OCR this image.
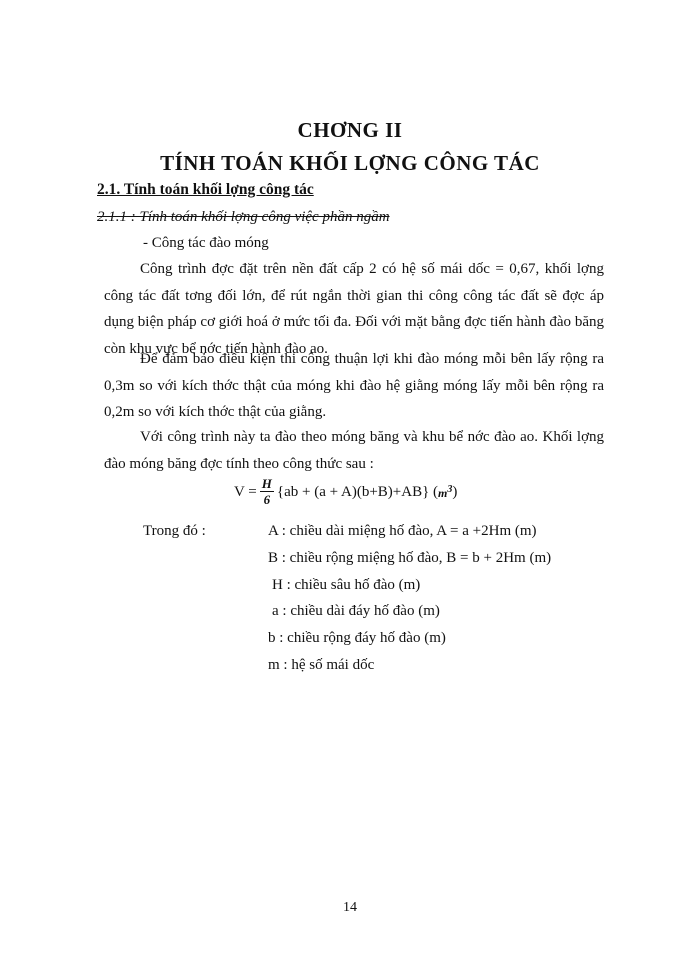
CHƠNG II
TÍNH TOÁN KHỐI LỢNG CÔNG TÁC
2.1. Tính toán khối lợng công tác
2.1.1 : Tính toán khối lợng công việc phần ngầm
- Công tác đào móng

Công trình đợc đặt trên nền đất cấp 2 có hệ số mái dốc = 0,67, khối lợng công tác đất tơng đối lớn, để rút ngắn thời gian thi công công tác đất sẽ đợc áp dụng biện pháp cơ giới hoá ở mức tối đa. Đối với mặt bằng đợc tiến hành đào băng còn khu vực bể nớc tiến hành đào ao.

Để đảm bảo điều kiện thi công thuận lợi khi đào móng mỗi bên lấy rộng ra 0,3m so với kích thớc thật của móng khi đào hệ giằng móng lấy mỗi bên rộng ra 0,2m so với kích thớc thật của giằng.

Với công trình này ta đào theo móng băng và khu bể nớc đào ao. Khối lợng đào móng băng đợc tính theo công thức sau :

$V = \frac{H}{6} \{ab + (a + A)(b+B)+AB\}$ ( $m^3$ )
Trong đó :	A : chiều dài miệng hố đào, A = a +2Hm (m)
B : chiều rộng miệng hố đào, B = b + 2Hm (m)
H : chiều sâu hố đào (m)
a : chiều dài đáy hố đào (m)
b : chiều rộng đáy hố đào (m)
m : hệ số mái dốc
14
